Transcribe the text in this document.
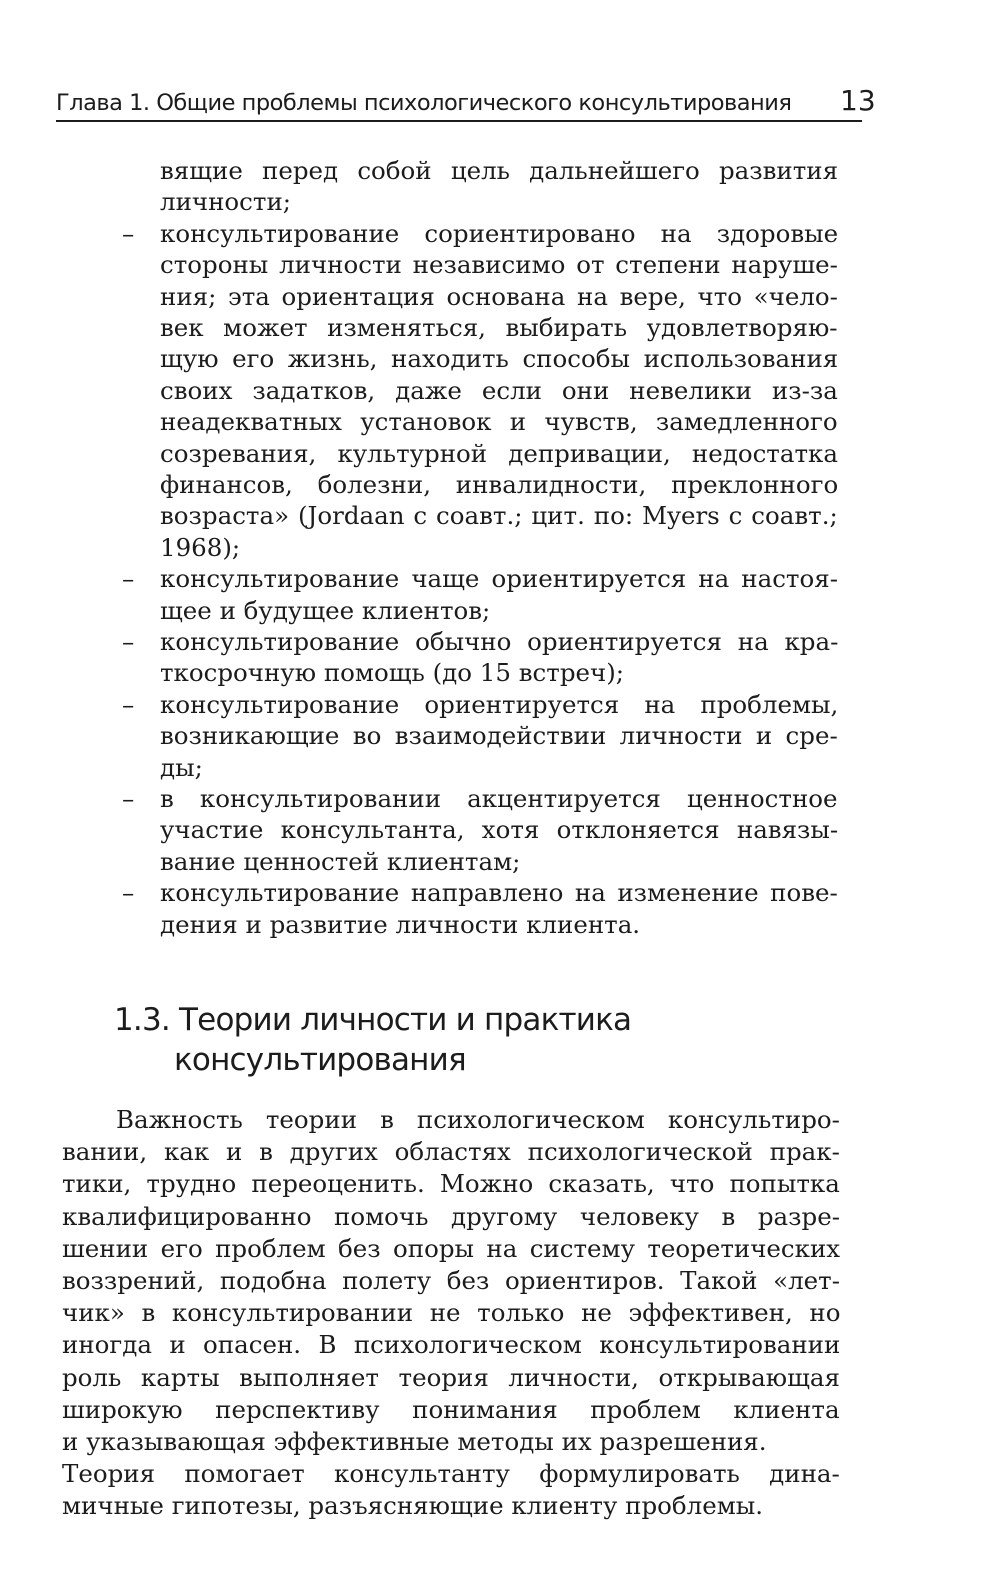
Глава 1. Общие проблемы психологического консультирования 13
вящие перед собой цель дальнейшего развития
личности;
– консультирование сориентировано на здоровые
стороны личности независимо от степени наруше-
ния; эта ориентация основана на вере, что «чело-
век может изменяться, выбирать удовлетворяю-
щую его жизнь, находить способы использования
своих задатков, даже если они невелики из-за
неадекватных установок и чувств, замедленного
созревания, культурной депривации, недостатка
финансов, болезни, инвалидности, преклонного
возраста» (Jordaan с соавт.; цит. по: Myers с соавт.;
1968);
– консультирование чаще ориентируется на настоя-
щее и будущее клиентов;
– консультирование обычно ориентируется на кра-
ткосрочную помощь (до 15 встреч);
– консультирование ориентируется на проблемы,
возникающие во взаимодействии личности и сре-
ды;
– в консультировании акцентируется ценностное
участие консультанта, хотя отклоняется навязы-
вание ценностей клиентам;
– консультирование направлено на изменение пове-
дения и развитие личности клиента.
1.3. Теории личности и практика
консультирования
Важность теории в психологическом консультиро-
вании, как и в других областях психологической прак-
тики, трудно переоценить. Можно сказать, что попытка
квалифицированно помочь другому человеку в разре-
шении его проблем без опоры на систему теоретических
воззрений, подобна полету без ориентиров. Такой «лет-
чик» в консультировании не только не эффективен, но
иногда и опасен. В психологическом консультировании
роль карты выполняет теория личности, открывающая
широкую перспективу понимания проблем клиента
и указывающая эффективные методы их разрешения.
Теория помогает консультанту формулировать дина-
мичные гипотезы, разъясняющие клиенту проблемы.
